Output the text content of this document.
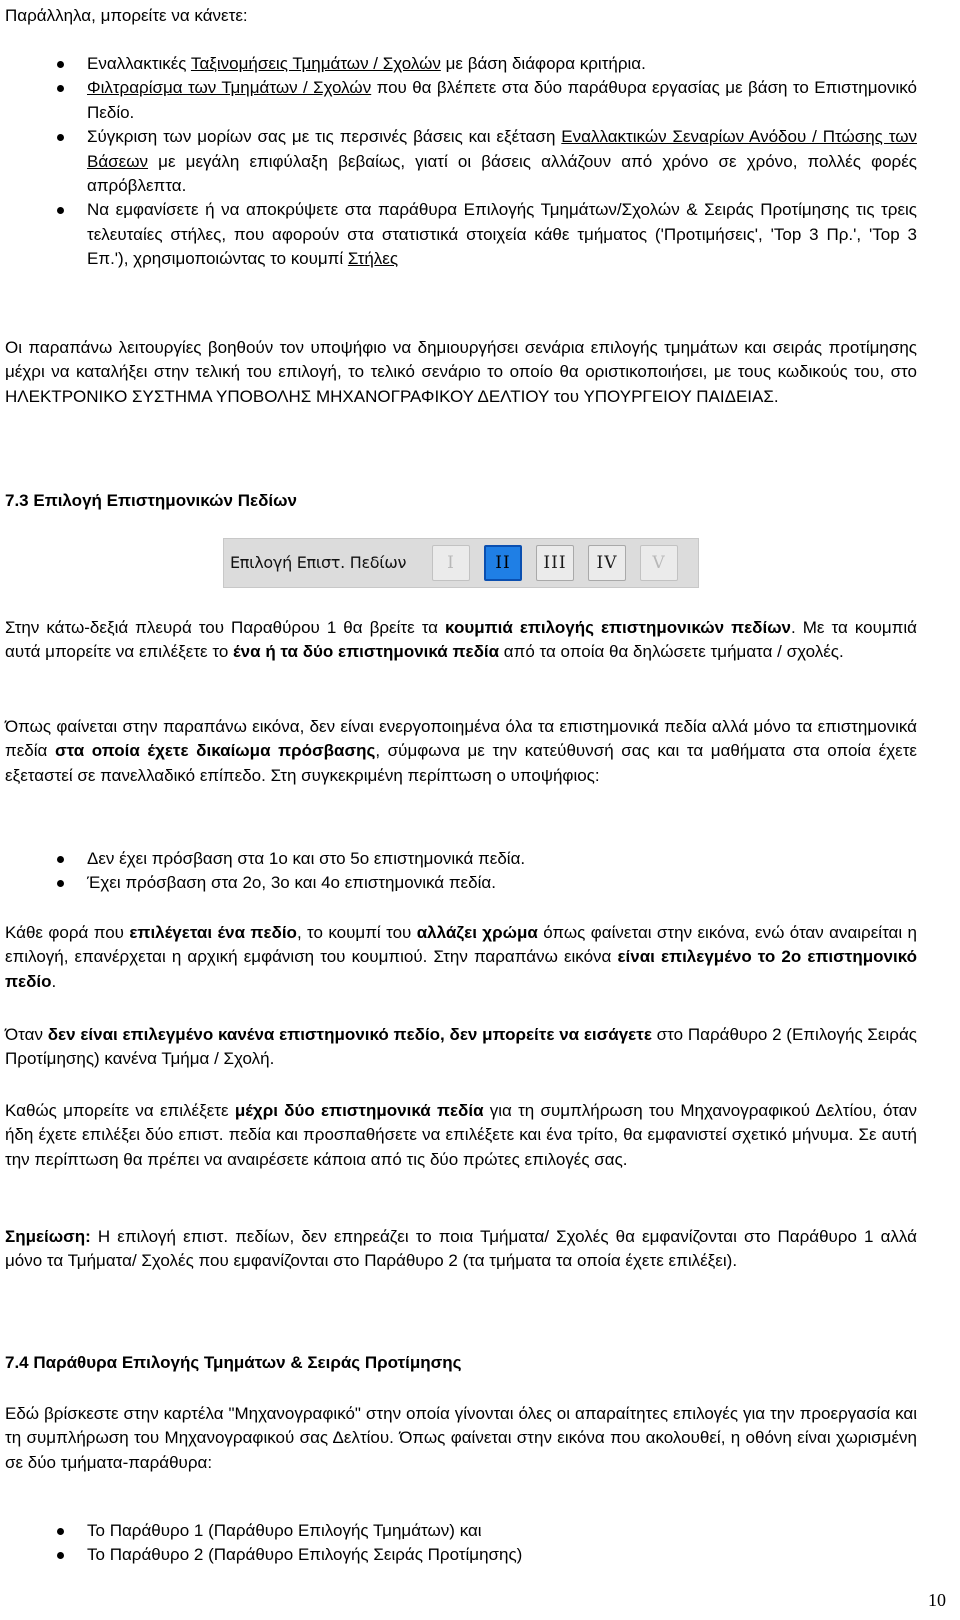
Παράλληλα, μπορείτε να κάνετε:

Εναλλακτικές Ταξινομήσεις Τμημάτων / Σχολών με βάση διάφορα κριτήρια.
Φιλτραρίσμα των Τμημάτων / Σχολών που θα βλέπετε στα δύο παράθυρα εργασίας με βάση το Επιστημονικό Πεδίο.
Σύγκριση των μορίων σας με τις περσινές βάσεις και εξέταση Εναλλακτικών Σεναρίων Ανόδου / Πτώσης των Βάσεων με μεγάλη επιφύλαξη βεβαίως, γιατί οι βάσεις αλλάζουν από χρόνο σε χρόνο, πολλές φορές απρόβλεπτα.
Να εμφανίσετε ή να αποκρύψετε στα παράθυρα Επιλογής Τμημάτων/Σχολών & Σειράς Προτίμησης τις τρεις τελευταίες στήλες, που αφορούν στα στατιστικά στοιχεία κάθε τμήματος ('Προτιμήσεις', 'Top 3 Πρ.', 'Top 3 Επ.'), χρησιμοποιώντας το κουμπί Στήλες

Οι παραπάνω λειτουργίες βοηθούν τον υποψήφιο να δημιουργήσει σενάρια επιλογής τμημάτων και σειράς προτίμησης μέχρι να καταλήξει στην τελική του επιλογή, το τελικό σενάριο το οποίο θα οριστικοποιήσει, με τους κωδικούς του, στο ΗΛΕΚΤΡΟΝΙΚΟ ΣΥΣΤΗΜΑ ΥΠΟΒΟΛΗΣ ΜΗΧΑΝΟΓΡΑΦΙΚΟΥ ΔΕΛΤΙΟΥ του ΥΠΟΥΡΓΕΙΟΥ ΠΑΙΔΕΙΑΣ.

7.3 Επιλογή Επιστημονικών Πεδίων

Στην κάτω-δεξιά πλευρά του Παραθύρου 1 θα βρείτε τα κουμπιά επιλογής επιστημονικών πεδίων. Με τα κουμπιά αυτά μπορείτε να επιλέξετε το ένα ή τα δύο επιστημονικά πεδία από τα οποία θα δηλώσετε τμήματα / σχολές.

Όπως φαίνεται στην παραπάνω εικόνα, δεν είναι ενεργοποιημένα όλα τα επιστημονικά πεδία αλλά μόνο τα επιστημονικά πεδία στα οποία έχετε δικαίωμα πρόσβασης, σύμφωνα με την κατεύθυνσή σας και τα μαθήματα στα οποία έχετε εξεταστεί σε πανελλαδικό επίπεδο. Στη συγκεκριμένη περίπτωση ο υποψήφιος:

Δεν έχει πρόσβαση στα 1ο και στο 5ο επιστημονικά πεδία.
Έχει πρόσβαση στα 2ο, 3ο και 4ο επιστημονικά πεδία.

Κάθε φορά που επιλέγεται ένα πεδίο, το κουμπί του αλλάζει χρώμα όπως φαίνεται στην εικόνα, ενώ όταν αναιρείται η επιλογή, επανέρχεται η αρχική εμφάνιση του κουμπιού. Στην παραπάνω εικόνα είναι επιλεγμένο το 2ο επιστημονικό πεδίο.

Όταν δεν είναι επιλεγμένο κανένα επιστημονικό πεδίο, δεν μπορείτε να εισάγετε στο Παράθυρο 2 (Επιλογής Σειράς Προτίμησης) κανένα Τμήμα / Σχολή.

Καθώς μπορείτε να επιλέξετε μέχρι δύο επιστημονικά πεδία για τη συμπλήρωση του Μηχανογραφικού Δελτίου, όταν ήδη έχετε επιλέξει δύο επιστ. πεδία και προσπαθήσετε να επιλέξετε και ένα τρίτο, θα εμφανιστεί σχετικό μήνυμα. Σε αυτή την περίπτωση θα πρέπει να αναιρέσετε κάποια από τις δύο πρώτες επιλογές σας.

Σημείωση: Η επιλογή επιστ. πεδίων, δεν επηρεάζει το ποια Τμήματα/ Σχολές θα εμφανίζονται στο Παράθυρο 1 αλλά μόνο τα Τμήματα/ Σχολές που εμφανίζονται στο Παράθυρο 2 (τα τμήματα τα οποία έχετε επιλέξει).

7.4 Παράθυρα Επιλογής Τμημάτων & Σειράς Προτίμησης

Εδώ βρίσκεστε στην καρτέλα "Μηχανογραφικό" στην οποία γίνονται όλες οι απαραίτητες επιλογές για την προεργασία και τη συμπλήρωση του Μηχανογραφικού σας Δελτίου. Όπως φαίνεται στην εικόνα που ακολουθεί, η οθόνη είναι χωρισμένη σε δύο τμήματα-παράθυρα:

Το Παράθυρο 1 (Παράθυρο Επιλογής Τμημάτων) και
Το Παράθυρο 2 (Παράθυρο Επιλογής Σειράς Προτίμησης)
Επιλογή Επιστ. Πεδίων	I	II	III	IV	V
10
